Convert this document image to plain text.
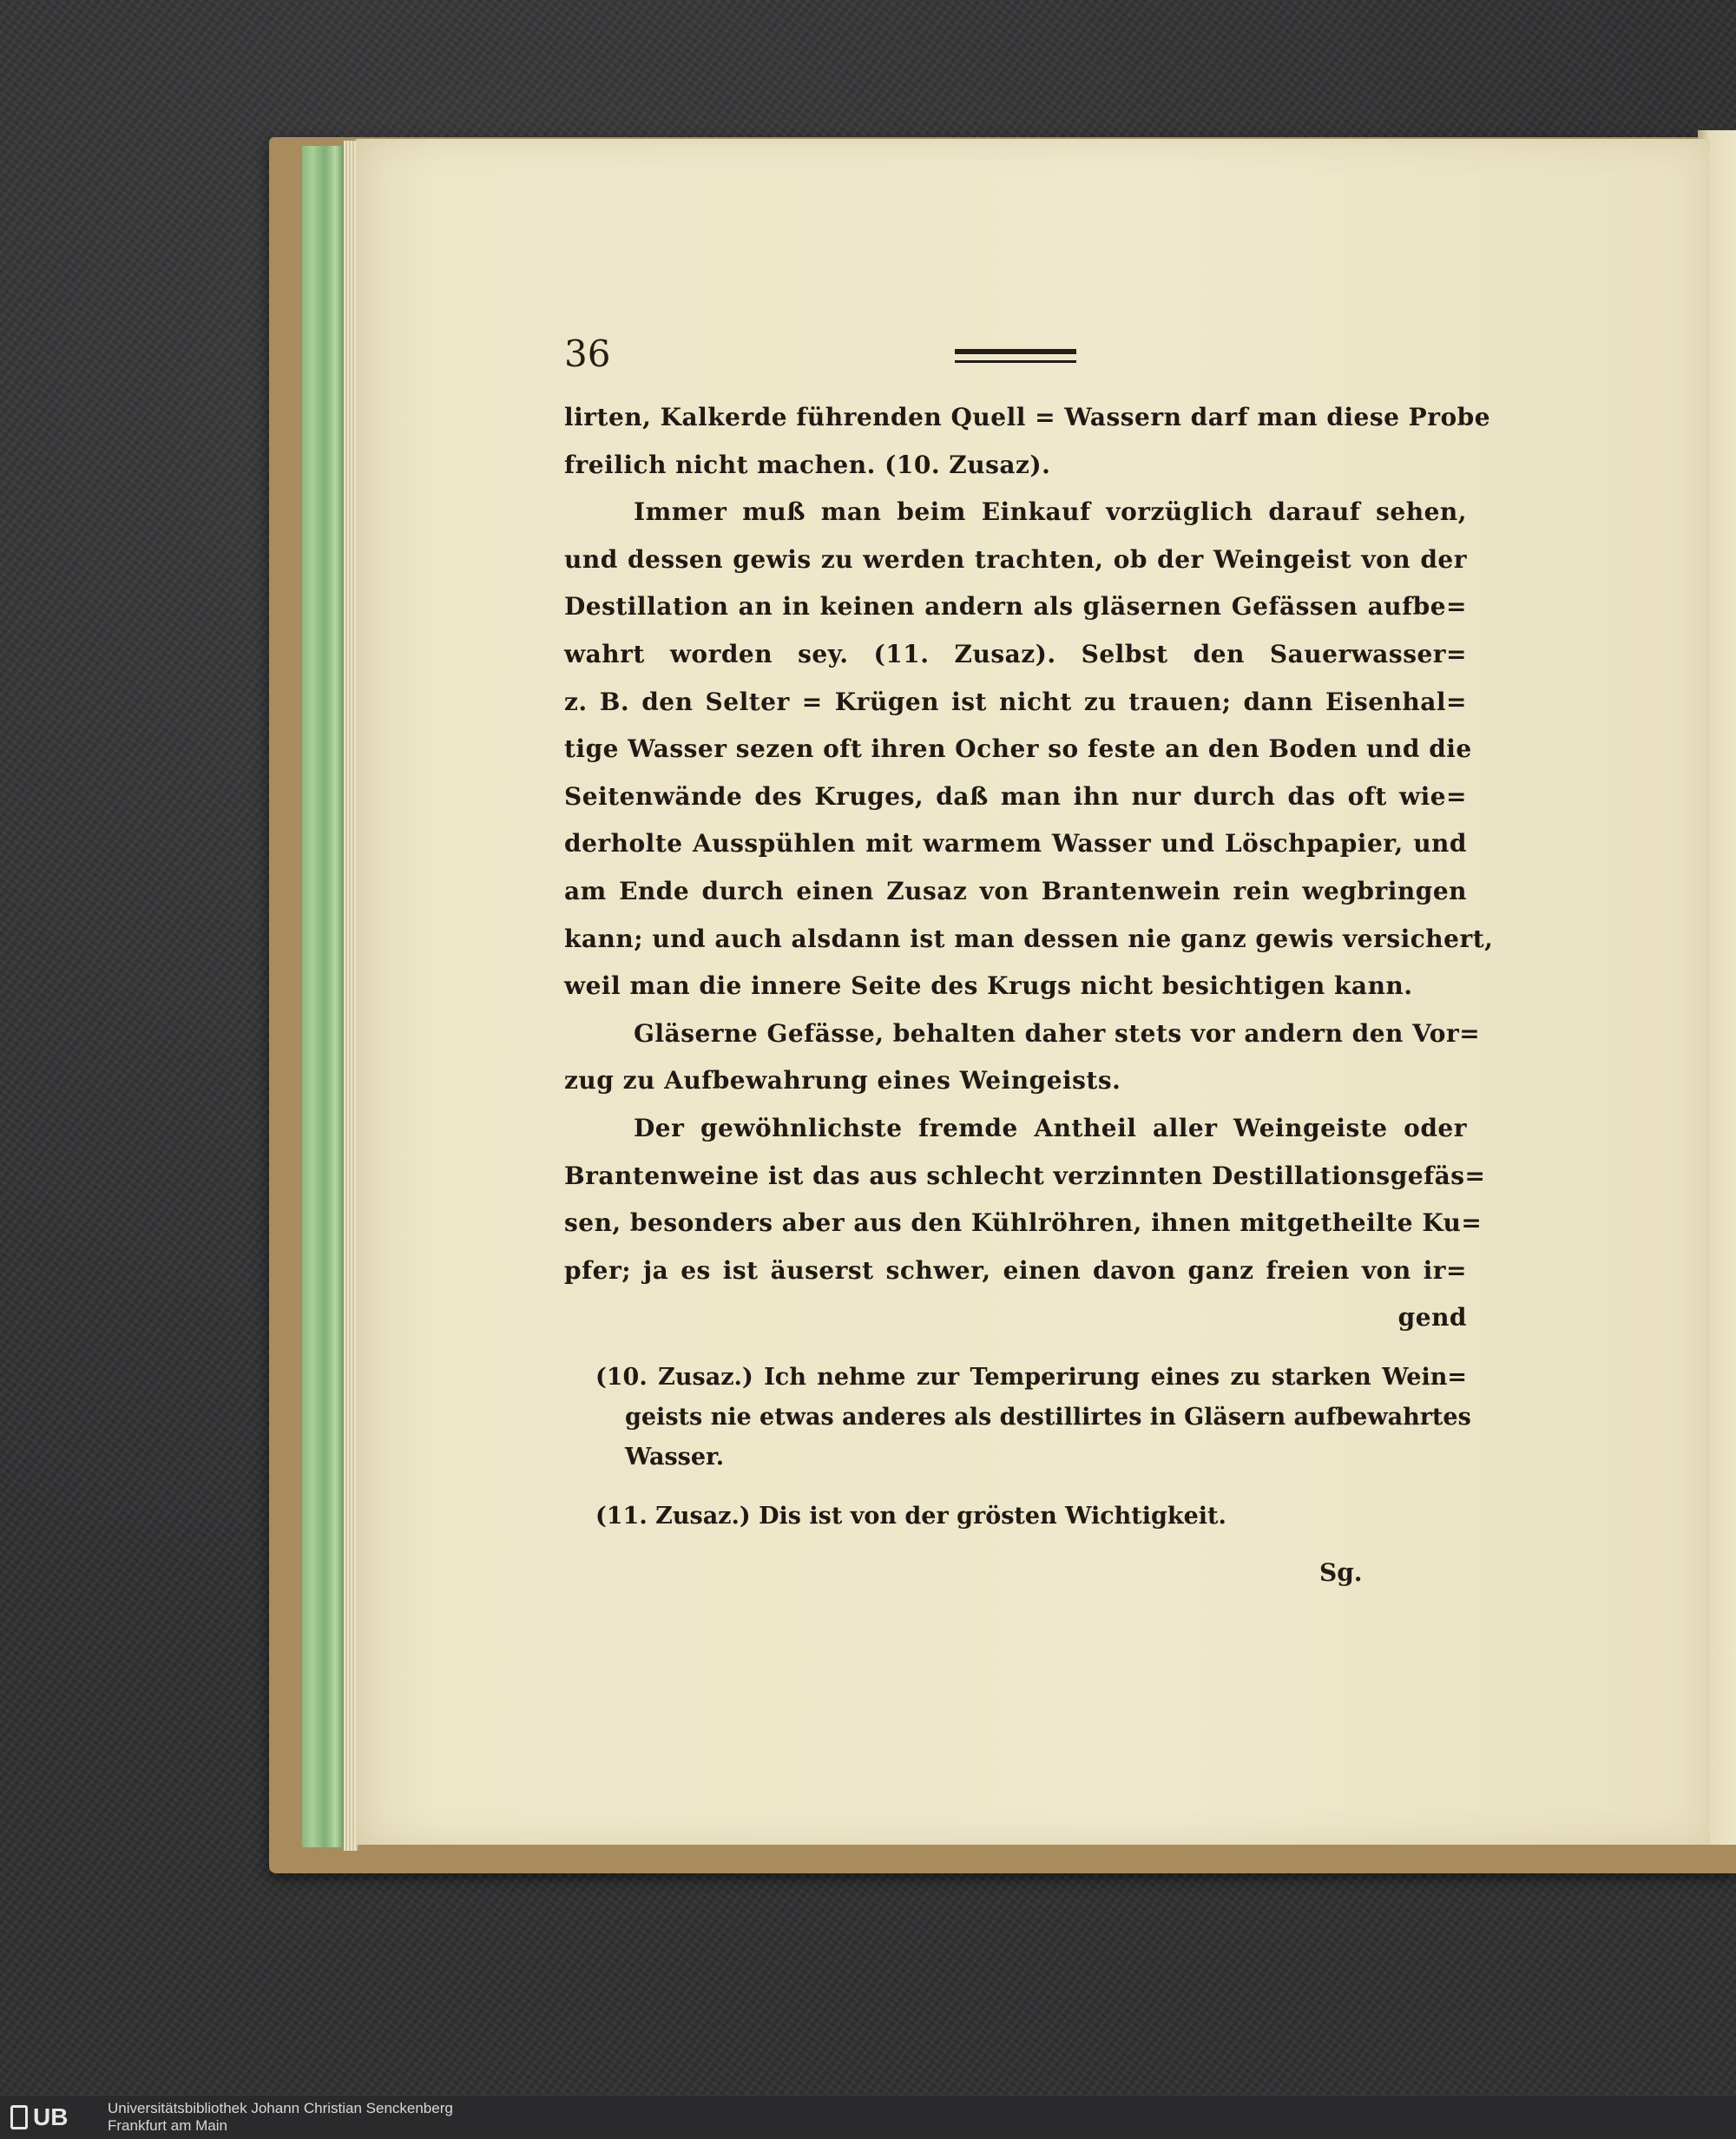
36
lirten, Kalkerde führenden Quell = Wassern darf man diese Probe
freilich nicht machen. (10. Zusaz).
Immer muß man beim Einkauf vorzüglich darauf sehen,
und dessen gewis zu werden trachten, ob der Weingeist von der
Destillation an in keinen andern als gläsernen Gefässen aufbe=
wahrt worden sey. (11. Zusaz). Selbst den Sauerwasser=
z. B. den Selter = Krügen ist nicht zu trauen; dann Eisenhal=
tige Wasser sezen oft ihren Ocher so feste an den Boden und die
Seitenwände des Kruges, daß man ihn nur durch das oft wie=
derholte Ausspühlen mit warmem Wasser und Löschpapier, und
am Ende durch einen Zusaz von Brantenwein rein wegbringen
kann; und auch alsdann ist man dessen nie ganz gewis versichert,
weil man die innere Seite des Krugs nicht besichtigen kann.
Gläserne Gefässe, behalten daher stets vor andern den Vor=
zug zu Aufbewahrung eines Weingeists.
Der gewöhnlichste fremde Antheil aller Weingeiste oder
Brantenweine ist das aus schlecht verzinnten Destillationsgefäs=
sen, besonders aber aus den Kühlröhren, ihnen mitgetheilte Ku=
pfer; ja es ist äuserst schwer, einen davon ganz freien von ir=
gend
(10. Zusaz.) Ich nehme zur Temperirung eines zu starken Wein=
geists nie etwas anderes als destillirtes in Gläsern aufbewahrtes
Wasser.
(11. Zusaz.) Dis ist von der grösten Wichtigkeit.
Sg.
UB	Universitätsbibliothek Johann Christian Senckenberg
Frankfurt am Main
